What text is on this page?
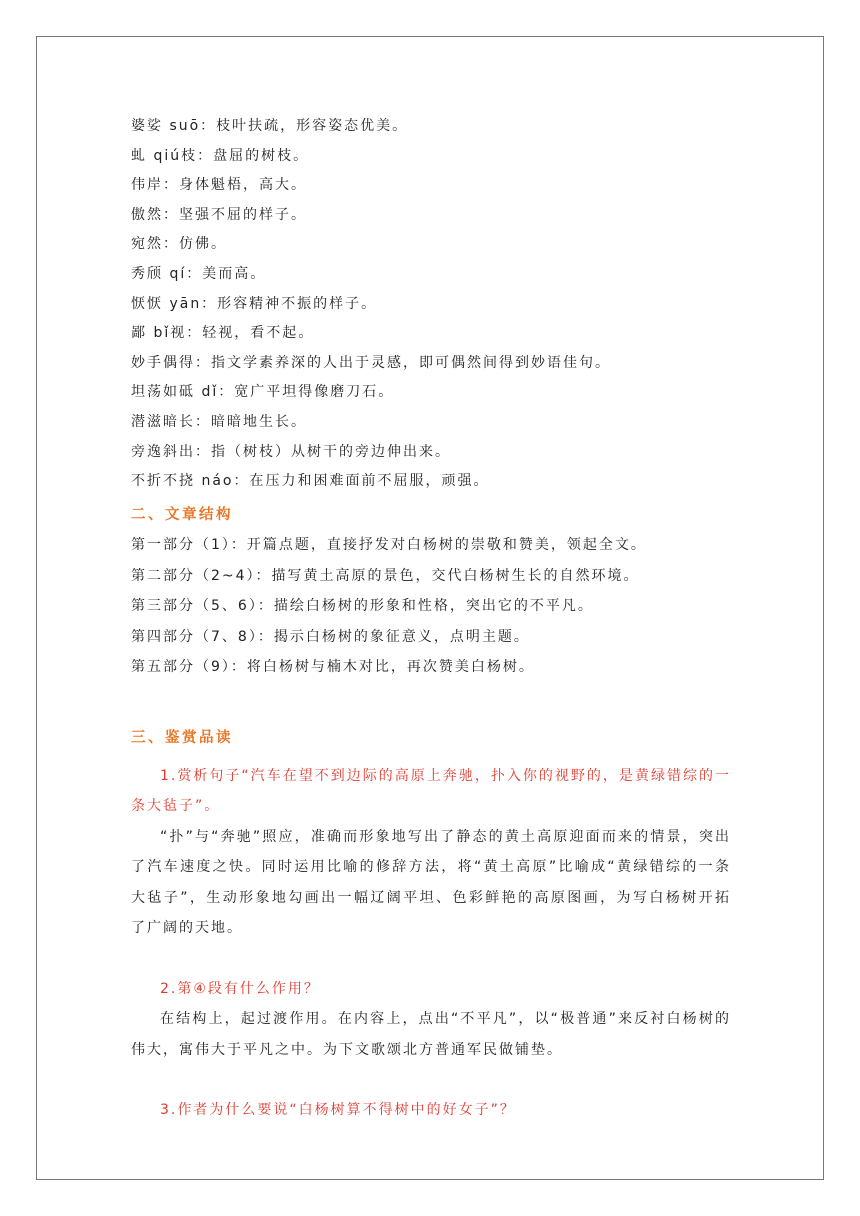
婆娑 suō：枝叶扶疏，形容姿态优美。

虬 qiú枝：盘屈的树枝。

伟岸：身体魁梧，高大。

傲然：坚强不屈的样子。

宛然：仿佛。

秀颀 qí：美而高。

恹恹 yān：形容精神不振的样子。

鄙 bǐ视：轻视，看不起。

妙手偶得：指文学素养深的人出于灵感，即可偶然间得到妙语佳句。

坦荡如砥 dǐ：宽广平坦得像磨刀石。

潜滋暗长：暗暗地生长。

旁逸斜出：指（树枝）从树干的旁边伸出来。

不折不挠 náo：在压力和困难面前不屈服，顽强。

二、文章结构

第一部分（1）：开篇点题，直接抒发对白杨树的崇敬和赞美，领起全文。

第二部分（2~4）：描写黄土高原的景色，交代白杨树生长的自然环境。

第三部分（5、6）：描绘白杨树的形象和性格，突出它的不平凡。

第四部分（7、8）：揭示白杨树的象征意义，点明主题。

第五部分（9）：将白杨树与楠木对比，再次赞美白杨树。

三、鉴赏品读

1.赏析句子“汽车在望不到边际的高原上奔驰，扑入你的视野的，是黄绿错综的一条大毡子”。

“扑”与“奔驰”照应，准确而形象地写出了静态的黄土高原迎面而来的情景，突出了汽车速度之快。同时运用比喻的修辞方法，将“黄土高原”比喻成“黄绿错综的一条大毡子”，生动形象地勾画出一幅辽阔平坦、色彩鲜艳的高原图画，为写白杨树开拓了广阔的天地。

2.第④段有什么作用？

在结构上，起过渡作用。在内容上，点出“不平凡”，以“极普通”来反衬白杨树的伟大，寓伟大于平凡之中。为下文歌颂北方普通军民做铺垫。

3.作者为什么要说“白杨树算不得树中的好女子”？
